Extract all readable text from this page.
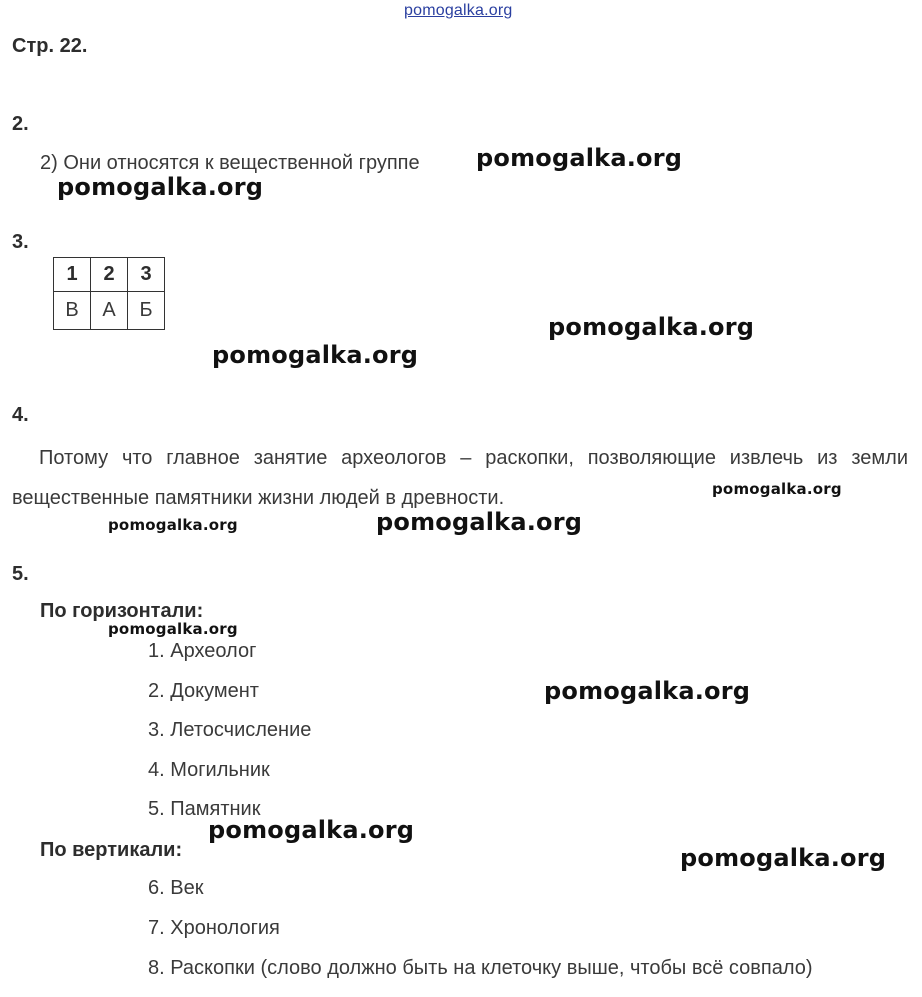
pomogalka.org
Стр. 22.
2.
2) Они относятся к вещественной группе
3.
1	2	3
В	А	Б
4.
Потому что главное занятие археологов – раскопки, позволяющие извлечь из земли вещественные памятники жизни людей в древности.
5.
По горизонтали:
1. Археолог
2. Документ
3. Летосчисление
4. Могильник
5. Памятник
По вертикали:
6. Век
7. Хронология
8. Раскопки (слово должно быть на клеточку выше, чтобы всё совпало)
pomogalka.org
pomogalka.org
pomogalka.org
pomogalka.org
pomogalka.org
pomogalka.org	pomogalka.org
pomogalka.org
pomogalka.org
pomogalka.org
pomogalka.org
